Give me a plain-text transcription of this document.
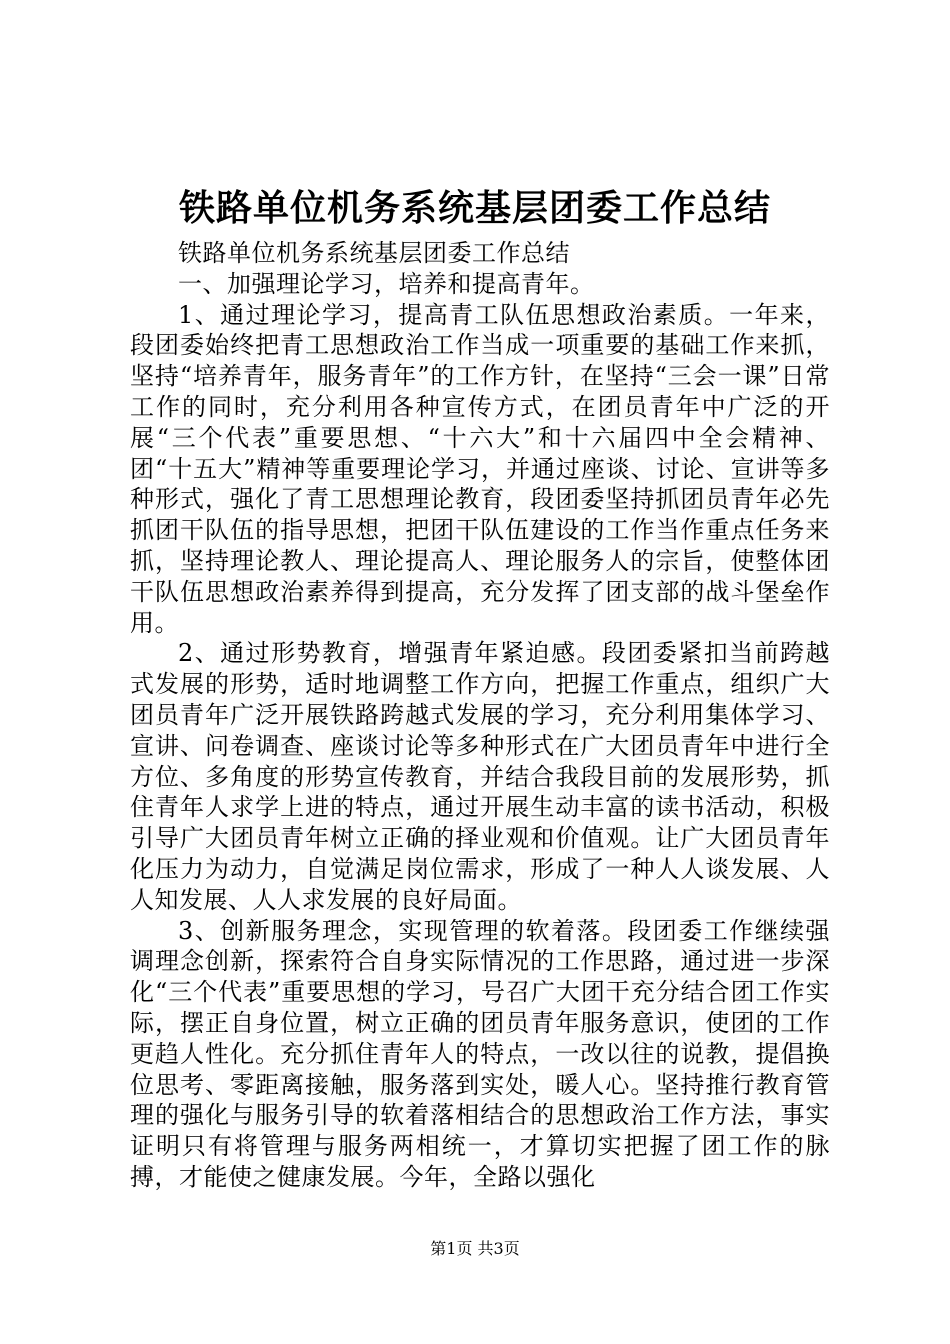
铁路单位机务系统基层团委工作总结

铁路单位机务系统基层团委工作总结

一、加强理论学习，培养和提高青年。

1、通过理论学习，提高青工队伍思想政治素质。一年来，段团委始终把青工思想政治工作当成一项重要的基础工作来抓，坚持“培养青年，服务青年”的工作方针，在坚持“三会一课”日常工作的同时，充分利用各种宣传方式，在团员青年中广泛的开展“三个代表”重要思想、“十六大”和十六届四中全会精神、团“十五大”精神等重要理论学习，并通过座谈、讨论、宣讲等多种形式，强化了青工思想理论教育，段团委坚持抓团员青年必先抓团干队伍的指导思想，把团干队伍建设的工作当作重点任务来抓，坚持理论教人、理论提高人、理论服务人的宗旨，使整体团干队伍思想政治素养得到提高，充分发挥了团支部的战斗堡垒作用。

2、通过形势教育，增强青年紧迫感。段团委紧扣当前跨越式发展的形势，适时地调整工作方向，把握工作重点，组织广大团员青年广泛开展铁路跨越式发展的学习，充分利用集体学习、宣讲、问卷调查、座谈讨论等多种形式在广大团员青年中进行全方位、多角度的形势宣传教育，并结合我段目前的发展形势，抓住青年人求学上进的特点，通过开展生动丰富的读书活动，积极引导广大团员青年树立正确的择业观和价值观。让广大团员青年化压力为动力，自觉满足岗位需求，形成了一种人人谈发展、人人知发展、人人求发展的良好局面。

3、创新服务理念，实现管理的软着落。段团委工作继续强调理念创新，探索符合自身实际情况的工作思路，通过进一步深化“三个代表”重要思想的学习，号召广大团干充分结合团工作实际，摆正自身位置，树立正确的团员青年服务意识，使团的工作更趋人性化。充分抓住青年人的特点，一改以往的说教，提倡换位思考、零距离接触，服务落到实处，暖人心。坚持推行教育管理的强化与服务引导的软着落相结合的思想政治工作方法，事实证明只有将管理与服务两相统一，才算切实把握了团工作的脉搏，才能使之健康发展。今年，全路以强化

第1页 共3页
